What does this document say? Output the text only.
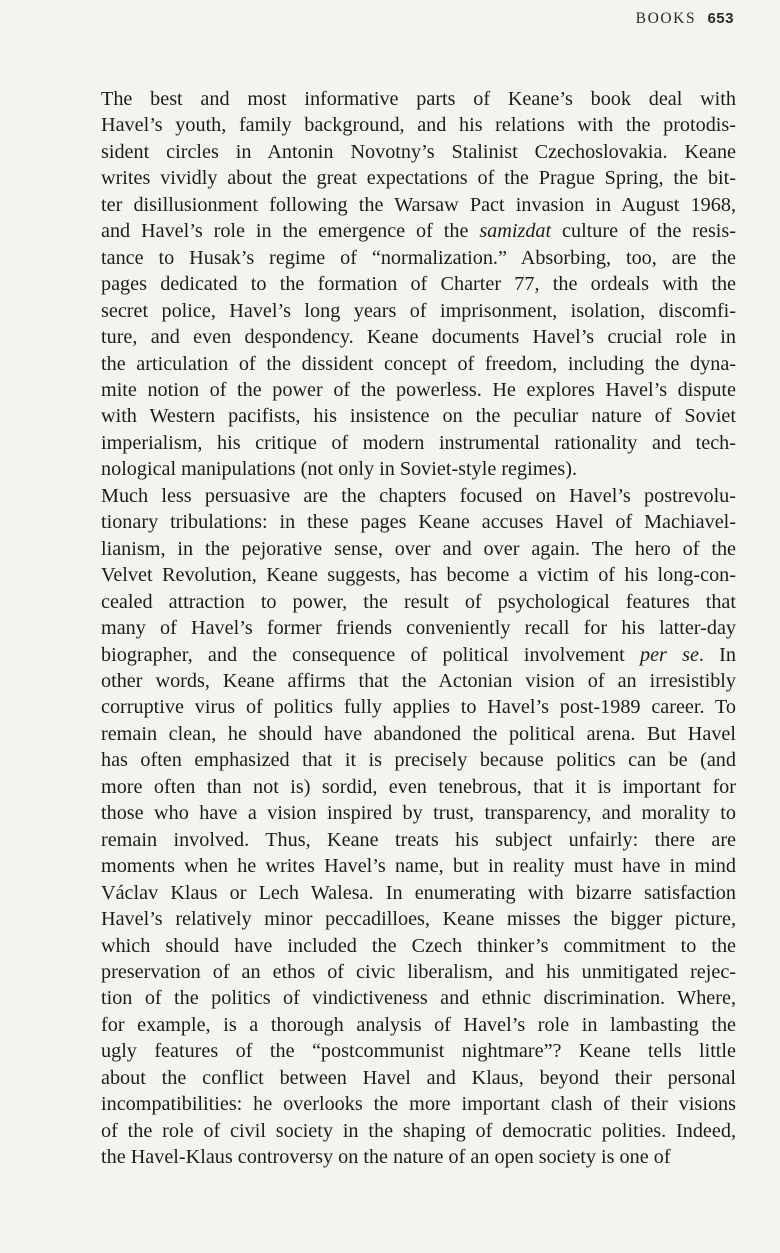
BOOKS 653

The best and most informative parts of Keane’s book deal with
Havel’s youth, family background, and his relations with the protodis-
sident circles in Antonin Novotny’s Stalinist Czechoslovakia. Keane
writes vividly about the great expectations of the Prague Spring, the bit-
ter disillusionment following the Warsaw Pact invasion in August 1968,
and Havel’s role in the emergence of the samizdat culture of the resis-
tance to Husak’s regime of “normalization.” Absorbing, too, are the
pages dedicated to the formation of Charter 77, the ordeals with the
secret police, Havel’s long years of imprisonment, isolation, discomfi-
ture, and even despondency. Keane documents Havel’s crucial role in
the articulation of the dissident concept of freedom, including the dyna-
mite notion of the power of the powerless. He explores Havel’s dispute
with Western pacifists, his insistence on the peculiar nature of Soviet
imperialism, his critique of modern instrumental rationality and tech-
nological manipulations (not only in Soviet-style regimes).

Much less persuasive are the chapters focused on Havel’s postrevolu-
tionary tribulations: in these pages Keane accuses Havel of Machiavel-
lianism, in the pejorative sense, over and over again. The hero of the
Velvet Revolution, Keane suggests, has become a victim of his long-con-
cealed attraction to power, the result of psychological features that
many of Havel’s former friends conveniently recall for his latter-day
biographer, and the consequence of political involvement per se. In
other words, Keane affirms that the Actonian vision of an irresistibly
corruptive virus of politics fully applies to Havel’s post-1989 career. To
remain clean, he should have abandoned the political arena. But Havel
has often emphasized that it is precisely because politics can be (and
more often than not is) sordid, even tenebrous, that it is important for
those who have a vision inspired by trust, transparency, and morality to
remain involved. Thus, Keane treats his subject unfairly: there are
moments when he writes Havel’s name, but in reality must have in mind
Václav Klaus or Lech Walesa. In enumerating with bizarre satisfaction
Havel’s relatively minor peccadilloes, Keane misses the bigger picture,
which should have included the Czech thinker’s commitment to the
preservation of an ethos of civic liberalism, and his unmitigated rejec-
tion of the politics of vindictiveness and ethnic discrimination. Where,
for example, is a thorough analysis of Havel’s role in lambasting the
ugly features of the “postcommunist nightmare”? Keane tells little
about the conflict between Havel and Klaus, beyond their personal
incompatibilities: he overlooks the more important clash of their visions
of the role of civil society in the shaping of democratic polities. Indeed,
the Havel-Klaus controversy on the nature of an open society is one of
